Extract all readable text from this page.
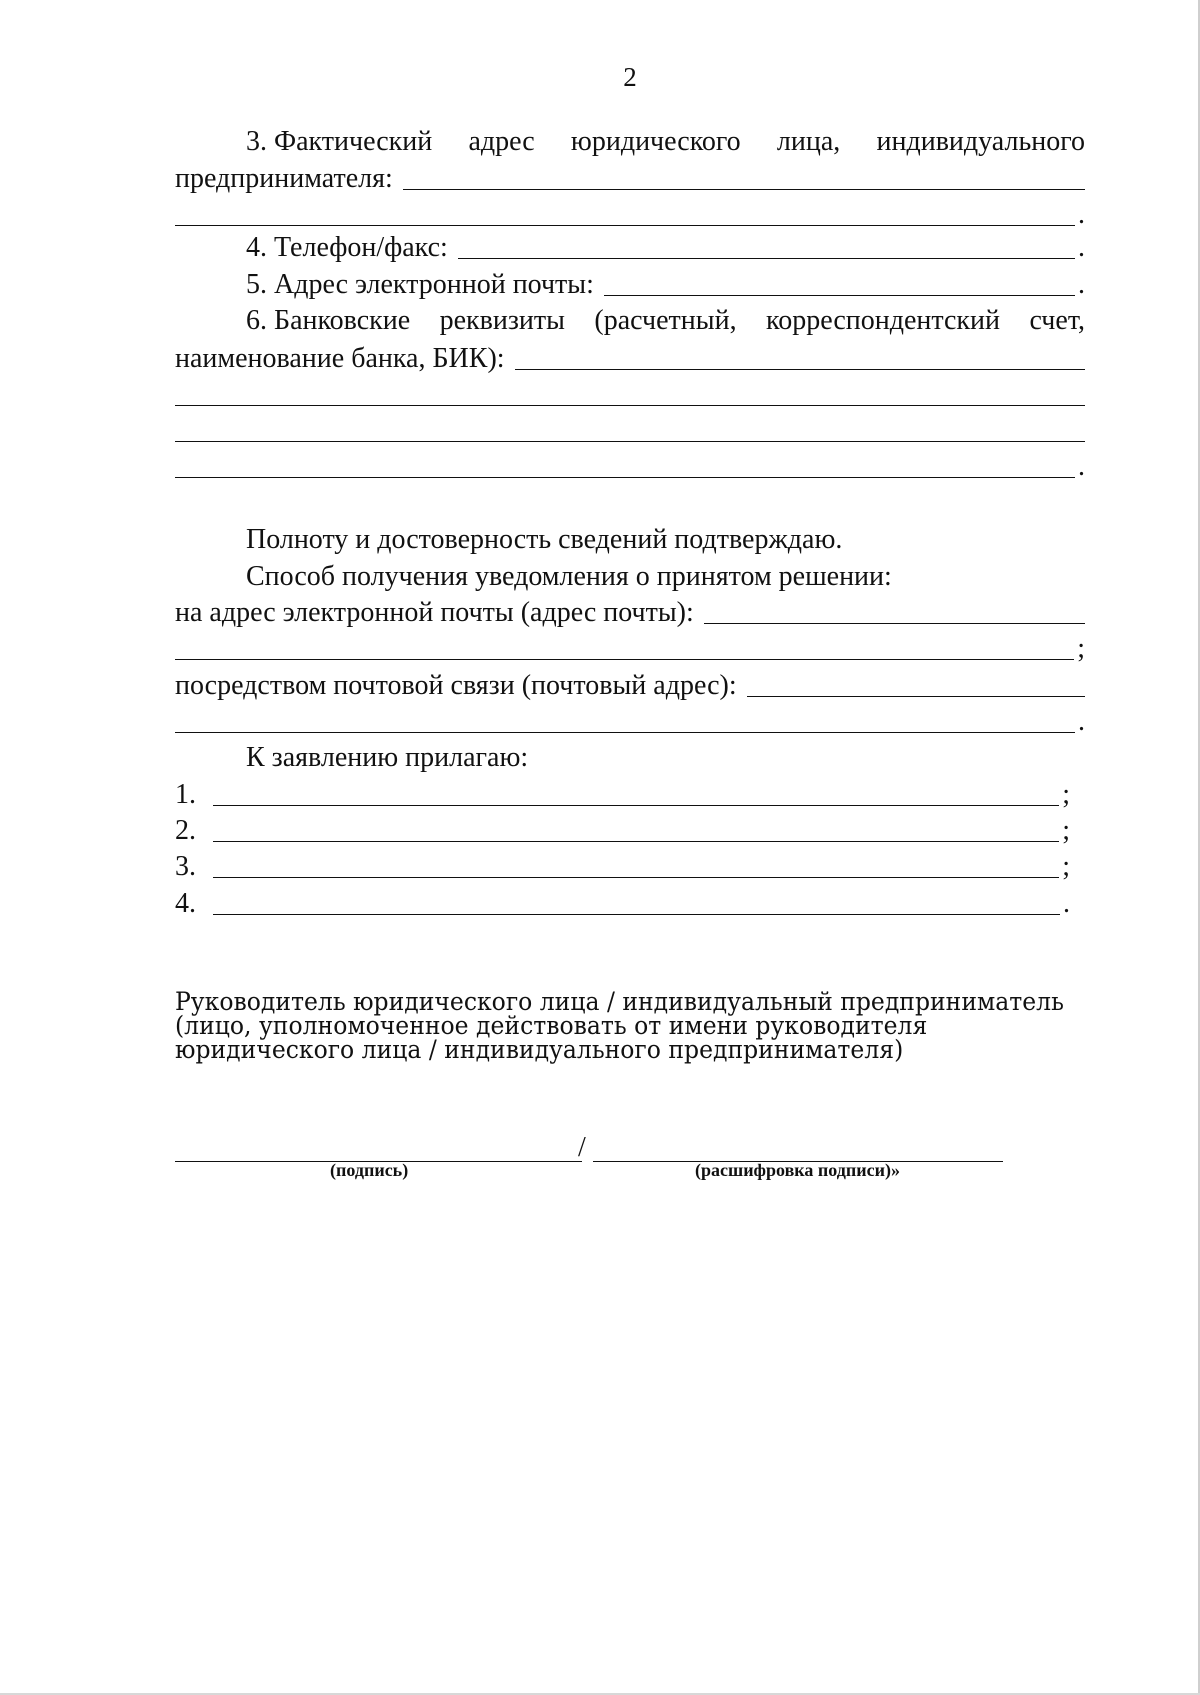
2
3. Фактический адрес юридического лица, индивидуального
предпринимателя:
.
4. Телефон/факс:	.
5. Адрес электронной почты:	.
6. Банковские реквизиты (расчетный, корреспондентский счет,
наименование банка, БИК):
.
Полноту и достоверность сведений подтверждаю.
Способ получения уведомления о принятом решении:
на адрес электронной почты (адрес почты):
;
посредством почтовой связи (почтовый адрес):
.
К заявлению прилагаю:
1.	;
2.	;
3.	;
4.	.
Руководитель юридического лица / индивидуальный предприниматель
(лицо, уполномоченное действовать от имени руководителя
юридического лица / индивидуального предпринимателя)
/
(подпись)	(расшифровка подписи)»
